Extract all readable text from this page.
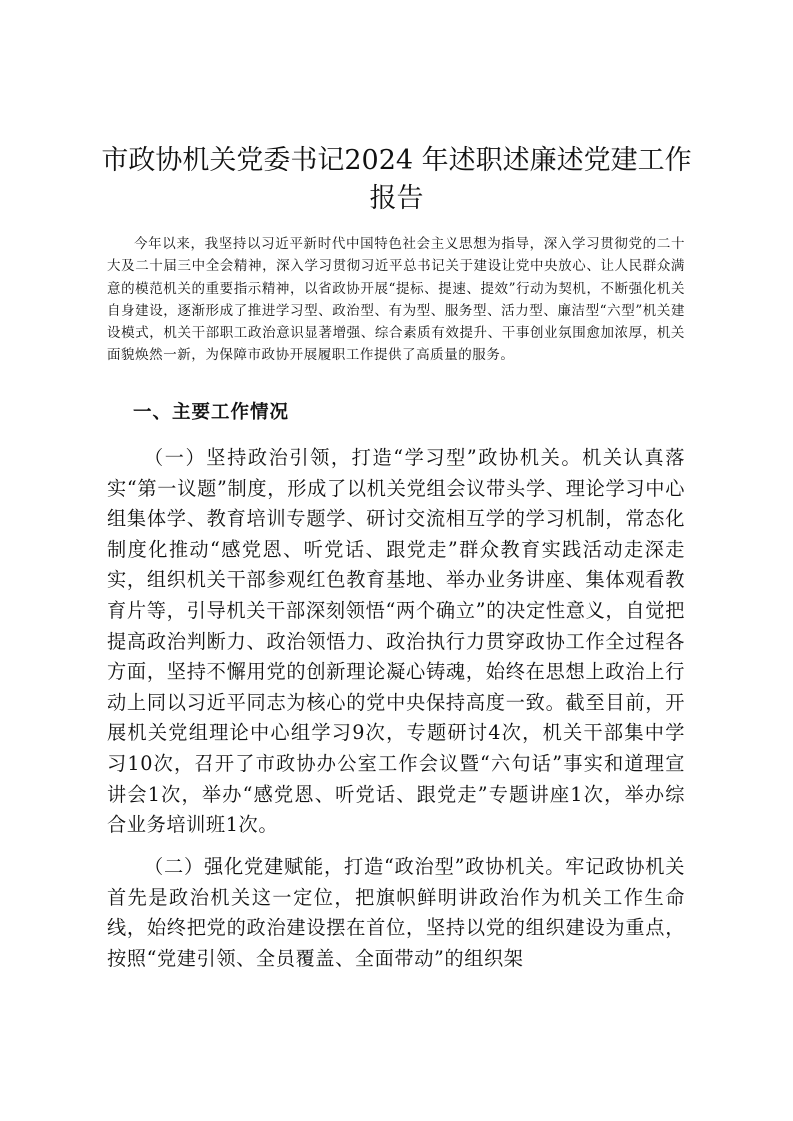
市政协机关党委书记2024 年述职述廉述党建工作报告

今年以来，我坚持以习近平新时代中国特色社会主义思想为指导，深入学习贯彻党的二十大及二十届三中全会精神，深入学习贯彻习近平总书记关于建设让党中央放心、让人民群众满意的模范机关的重要指示精神，以省政协开展“提标、提速、提效”行动为契机，不断强化机关自身建设，逐渐形成了推进学习型、政治型、有为型、服务型、活力型、廉洁型“六型”机关建设模式，机关干部职工政治意识显著增强、综合素质有效提升、干事创业氛围愈加浓厚，机关面貌焕然一新，为保障市政协开展履职工作提供了高质量的服务。

一、主要工作情况

（一）坚持政治引领，打造“学习型”政协机关。机关认真落实“第一议题”制度，形成了以机关党组会议带头学、理论学习中心组集体学、教育培训专题学、研讨交流相互学的学习机制，常态化制度化推动“感党恩、听党话、跟党走”群众教育实践活动走深走实，组织机关干部参观红色教育基地、举办业务讲座、集体观看教育片等，引导机关干部深刻领悟“两个确立”的决定性意义，自觉把提高政治判断力、政治领悟力、政治执行力贯穿政协工作全过程各方面，坚持不懈用党的创新理论凝心铸魂，始终在思想上政治上行动上同以习近平同志为核心的党中央保持高度一致。截至目前，开展机关党组理论中心组学习9次，专题研讨4次，机关干部集中学习10次，召开了市政协办公室工作会议暨“六句话”事实和道理宣讲会1次，举办“感党恩、听党话、跟党走”专题讲座1次，举办综合业务培训班1次。

（二）强化党建赋能，打造“政治型”政协机关。牢记政协机关首先是政治机关这一定位，把旗帜鲜明讲政治作为机关工作生命线，始终把党的政治建设摆在首位，坚持以党的组织建设为重点，按照“党建引领、全员覆盖、全面带动”的组织架
